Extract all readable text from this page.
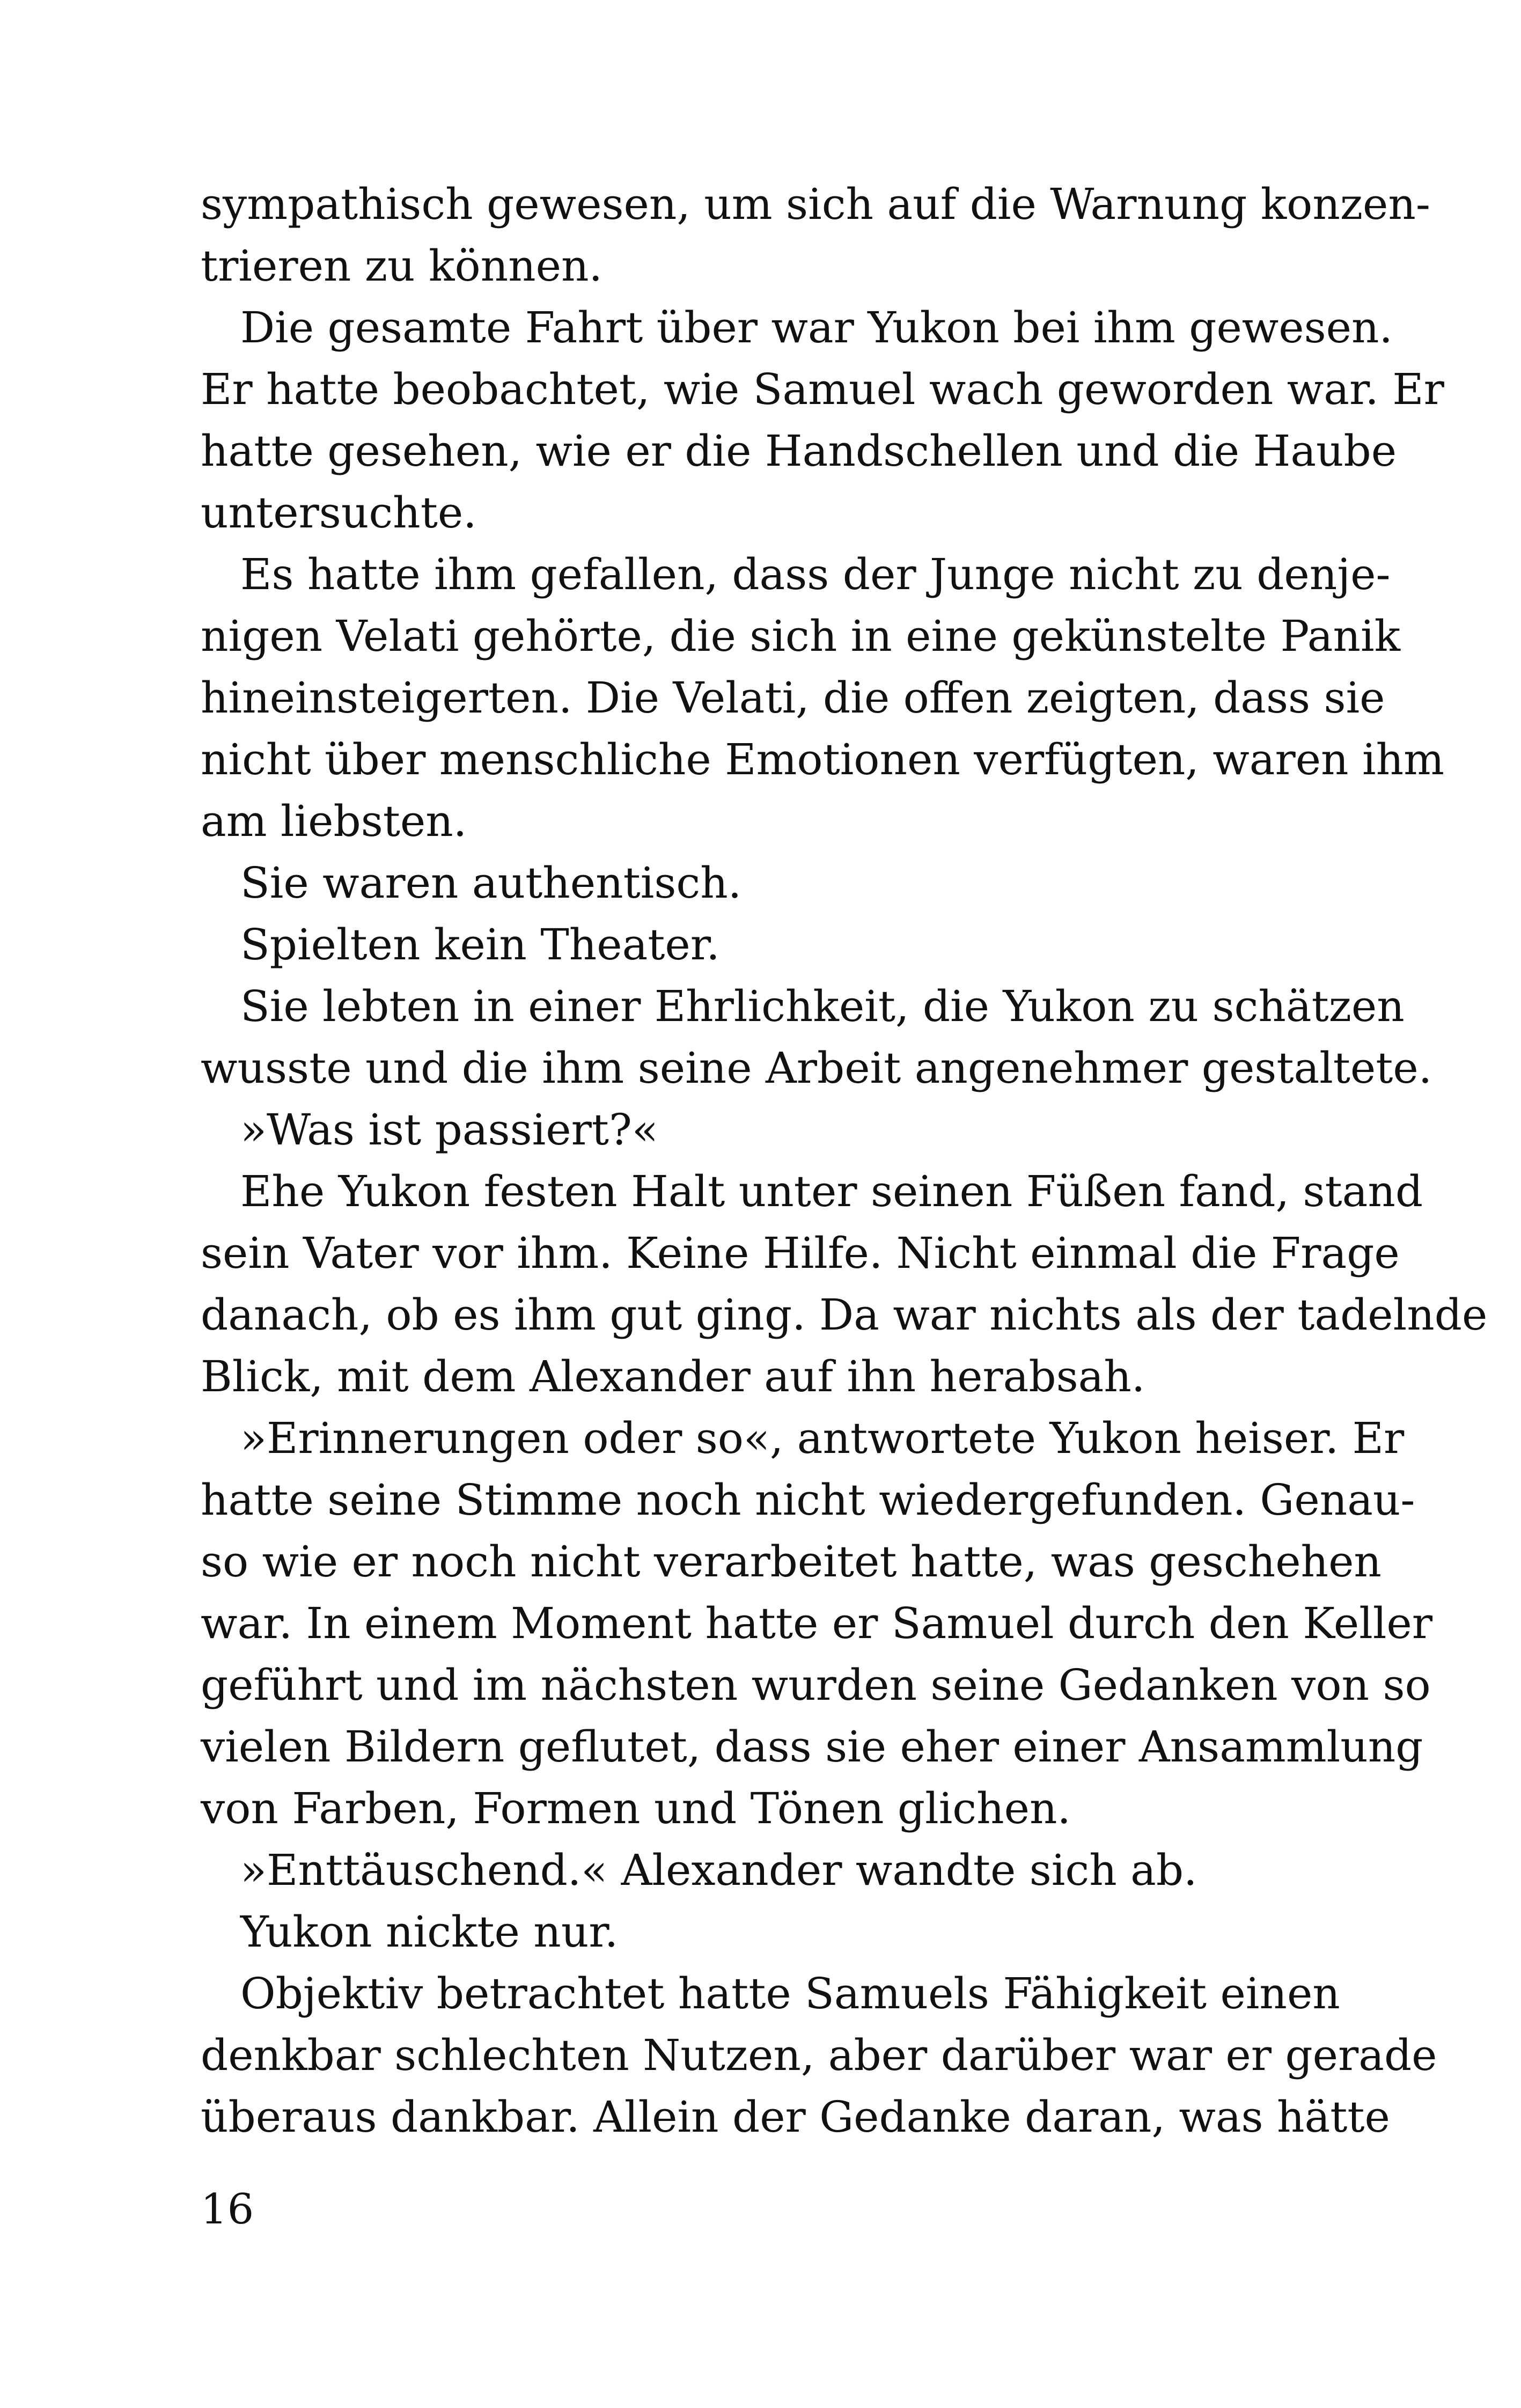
sympathisch gewesen, um sich auf die Warnung konzen-
trieren zu können.
Die gesamte Fahrt über war Yukon bei ihm gewesen.
Er hatte beobachtet, wie Samuel wach geworden war. Er
hatte gesehen, wie er die Handschellen und die Haube
untersuchte.
Es hatte ihm gefallen, dass der Junge nicht zu denje-
nigen Velati gehörte, die sich in eine gekünstelte Panik
hineinsteigerten. Die Velati, die offen zeigten, dass sie
nicht über menschliche Emotionen verfügten, waren ihm
am liebsten.
Sie waren authentisch.
Spielten kein Theater.
Sie lebten in einer Ehrlichkeit, die Yukon zu schätzen
wusste und die ihm seine Arbeit angenehmer gestaltete.
»Was ist passiert?«
Ehe Yukon festen Halt unter seinen Füßen fand, stand
sein Vater vor ihm. Keine Hilfe. Nicht einmal die Frage
danach, ob es ihm gut ging. Da war nichts als der tadelnde
Blick, mit dem Alexander auf ihn herabsah.
»Erinnerungen oder so«, antwortete Yukon heiser. Er
hatte seine Stimme noch nicht wiedergefunden. Genau-
so wie er noch nicht verarbeitet hatte, was geschehen
war. In einem Moment hatte er Samuel durch den Keller
geführt und im nächsten wurden seine Gedanken von so
vielen Bildern geflutet, dass sie eher einer Ansammlung
von Farben, Formen und Tönen glichen.
»Enttäuschend.« Alexander wandte sich ab.
Yukon nickte nur.
Objektiv betrachtet hatte Samuels Fähigkeit einen
denkbar schlechten Nutzen, aber darüber war er gerade
überaus dankbar. Allein der Gedanke daran, was hätte
16
